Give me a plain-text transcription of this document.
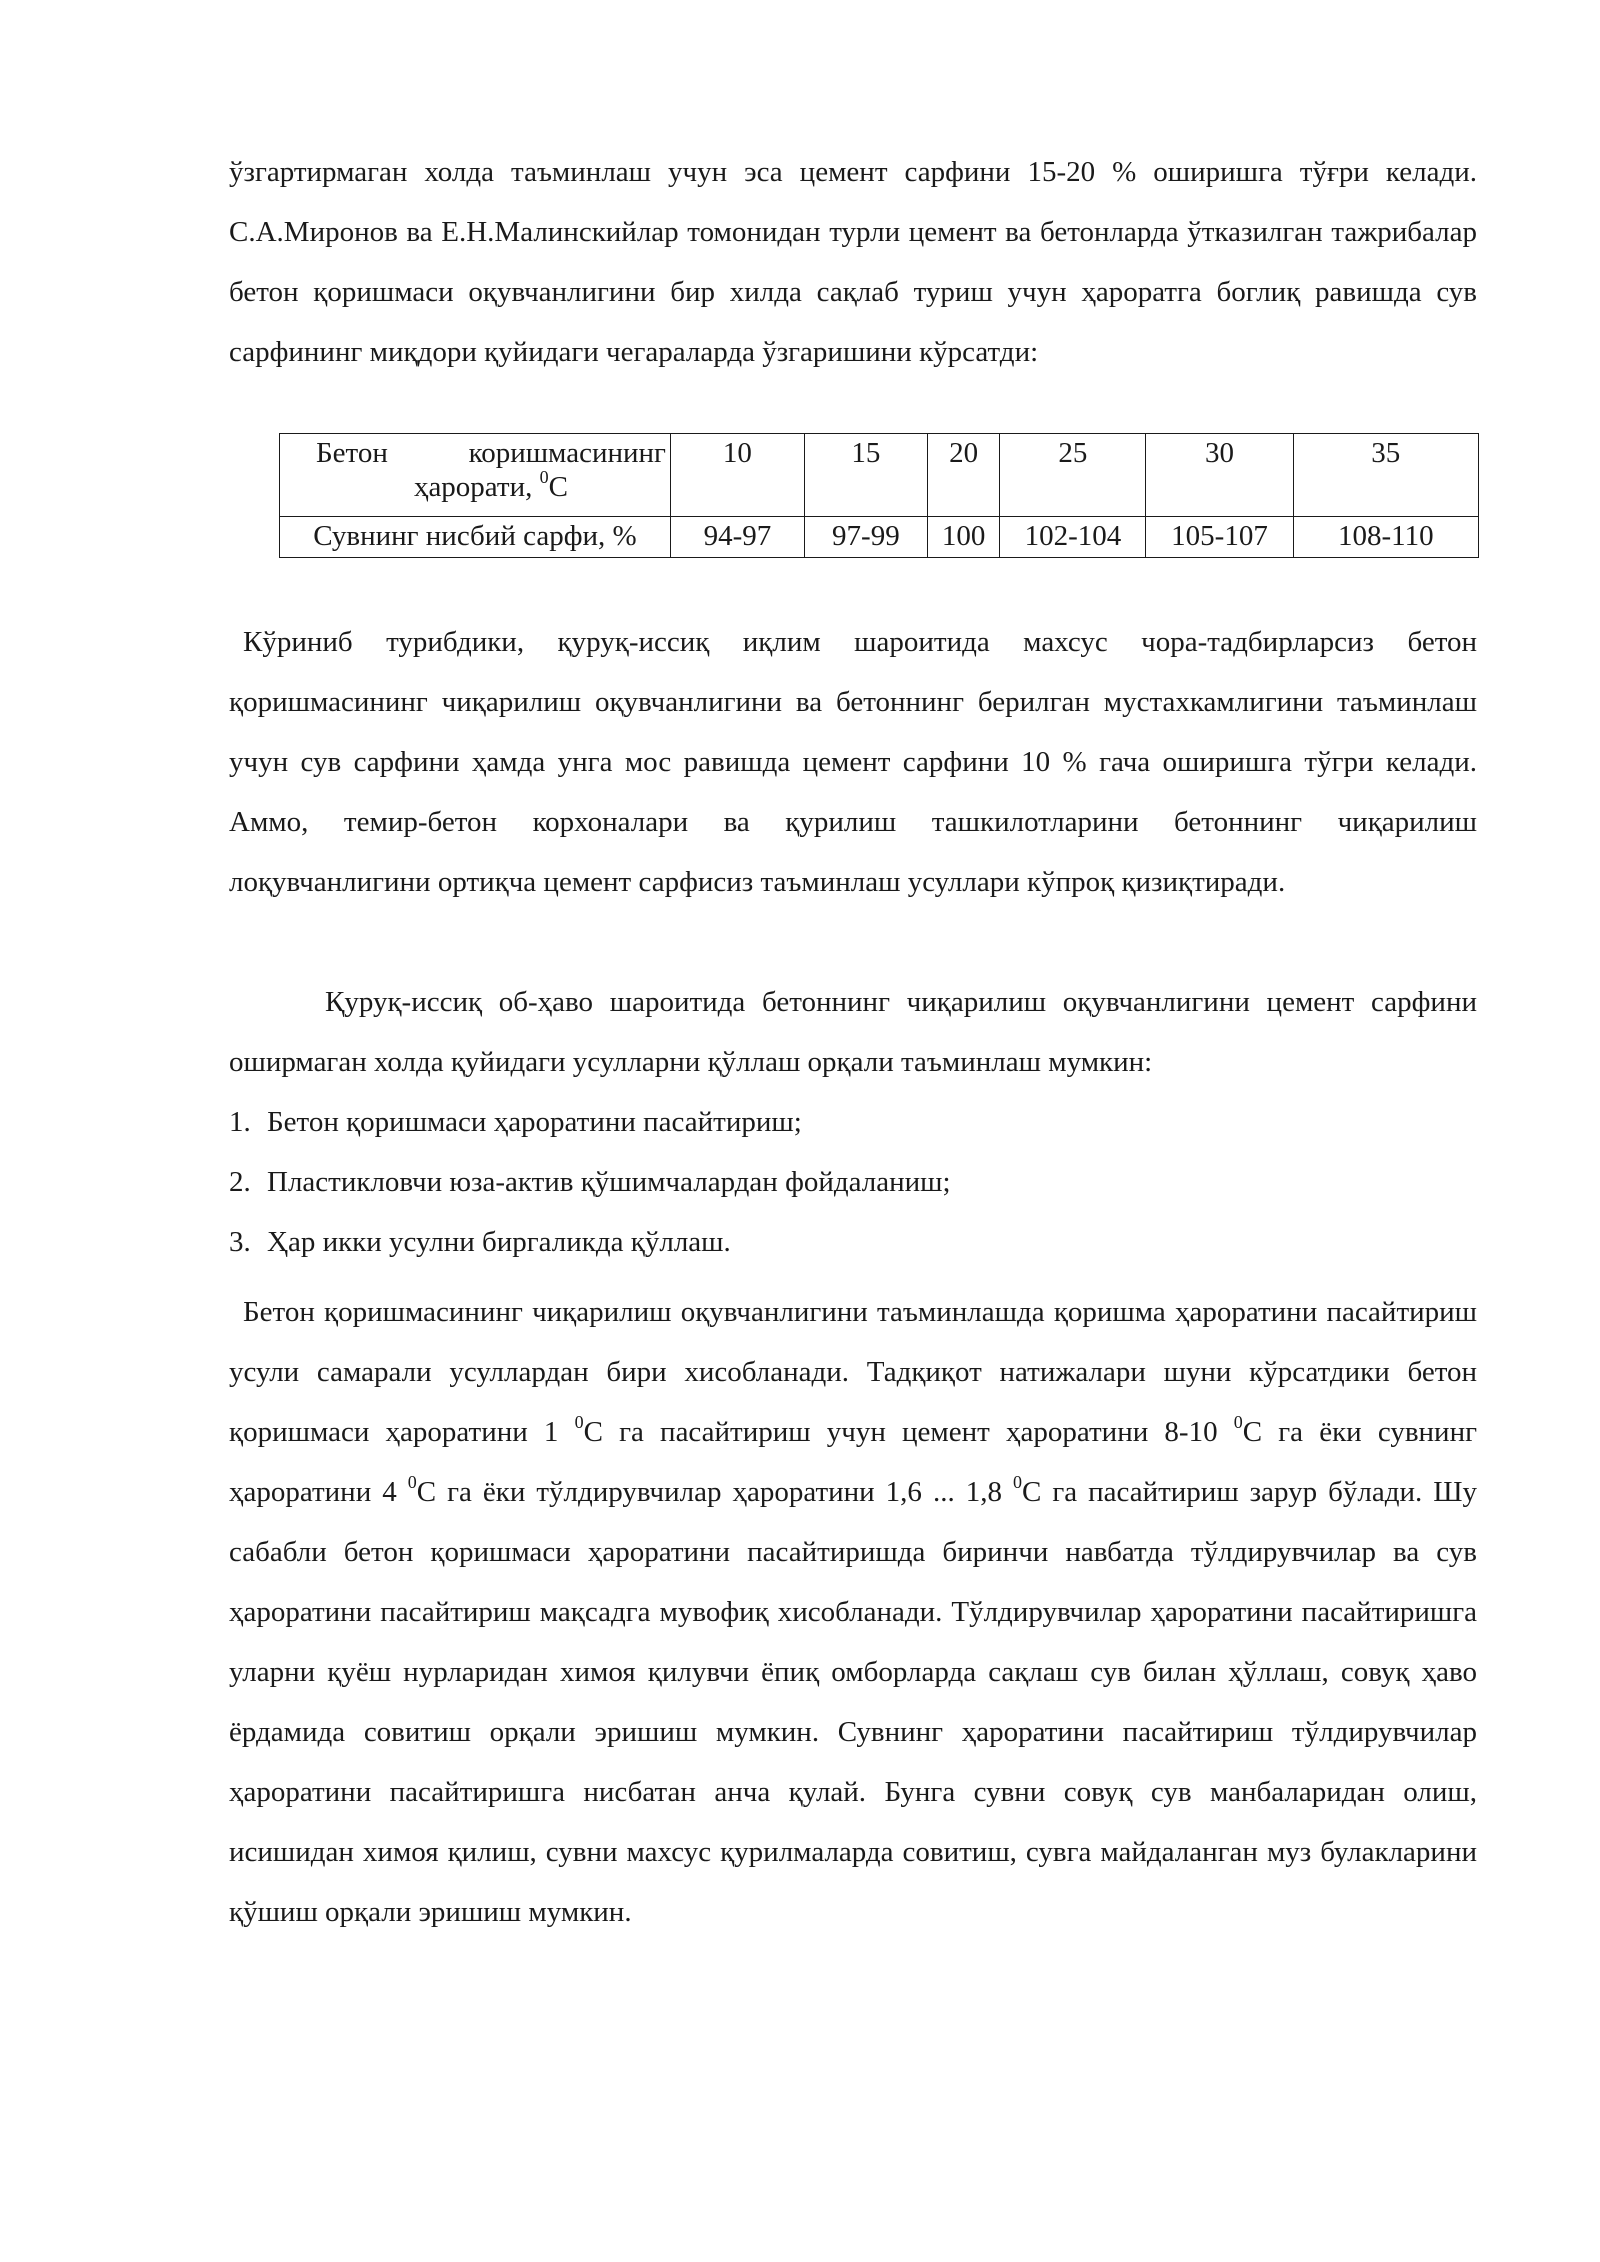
ўзгартирмаган холда таъминлаш учун эса цемент сарфини 15-20 % оширишга тўғри келади. С.А.Миронов ва Е.Н.Малинскийлар томонидан турли цемент ва бетонларда ўтказилган тажрибалар бетон қоришмаси оқувчанлигини бир хилда сақлаб туриш учун ҳароратга боглиқ равишда сув сарфининг миқдори қуйидаги чегараларда ўзгаришини кўрсатди:

Бетон коришмасининг
ҳарорати, $^0$С	10	15	20	25	30	35
Сувнинг нисбий сарфи, %	94-97	97-99	100	102-104	105-107	108-110

Кўриниб турибдики, қуруқ-иссиқ иқлим шароитида махсус чора-тадбирларсиз бетон қоришмасининг чиқарилиш оқувчанлигини ва бетоннинг берилган мустахкамлигини таъминлаш учун сув сарфини ҳамда унга мос равишда цемент сарфини 10 % гача оширишга тўгри келади. Аммо, темир-бетон корхоналари ва қурилиш ташкилотларини бетоннинг чиқарилиш лоқувчанлигини ортиқча цемент сарфисиз таъминлаш усуллари кўпроқ қизиқтиради.

Қуруқ-иссиқ об-ҳаво шароитида бетоннинг чиқарилиш оқувчанлигини цемент сарфини оширмаган холда қуйидаги усулларни қўллаш орқали таъминлаш мумкин:

1. Бетон қоришмаси ҳароратини пасайтириш;

2. Пластикловчи юза-актив қўшимчалардан фойдаланиш;

3. Ҳар икки усулни биргаликда қўллаш.

Бетон қоришмасининг чиқарилиш оқувчанлигини таъминлашда қоришма ҳароратини пасайтириш усули самарали усуллардан бири хисобланади. Тадқиқот натижалари шуни кўрсатдики бетон қоришмаси ҳароратини 1 $^0$С га пасайтириш учун цемент ҳароратини 8-10 $^0$С га ёки сувнинг ҳароратини 4 $^0$С га ёки тўлдирувчилар ҳароратини 1,6 ... 1,8 $^0$С га пасайтириш зарур бўлади. Шу сабабли бетон қоришмаси ҳароратини пасайтиришда биринчи навбатда тўлдирувчилар ва сув ҳароратини пасайтириш мақсадга мувофиқ хисобланади. Тўлдирувчилар ҳароратини пасайтиришга уларни қуёш нурларидан химоя қилувчи ёпиқ омборларда сақлаш сув билан ҳўллаш, совуқ ҳаво ёрдамида совитиш орқали эришиш мумкин. Сувнинг ҳароратини пасайтириш тўлдирувчилар ҳароратини пасайтиришга нисбатан анча қулай. Бунга сувни совуқ сув манбаларидан олиш, исишидан химоя қилиш, сувни махсус қурилмаларда совитиш, сувга майдаланган муз булакларини қўшиш орқали эришиш мумкин.
